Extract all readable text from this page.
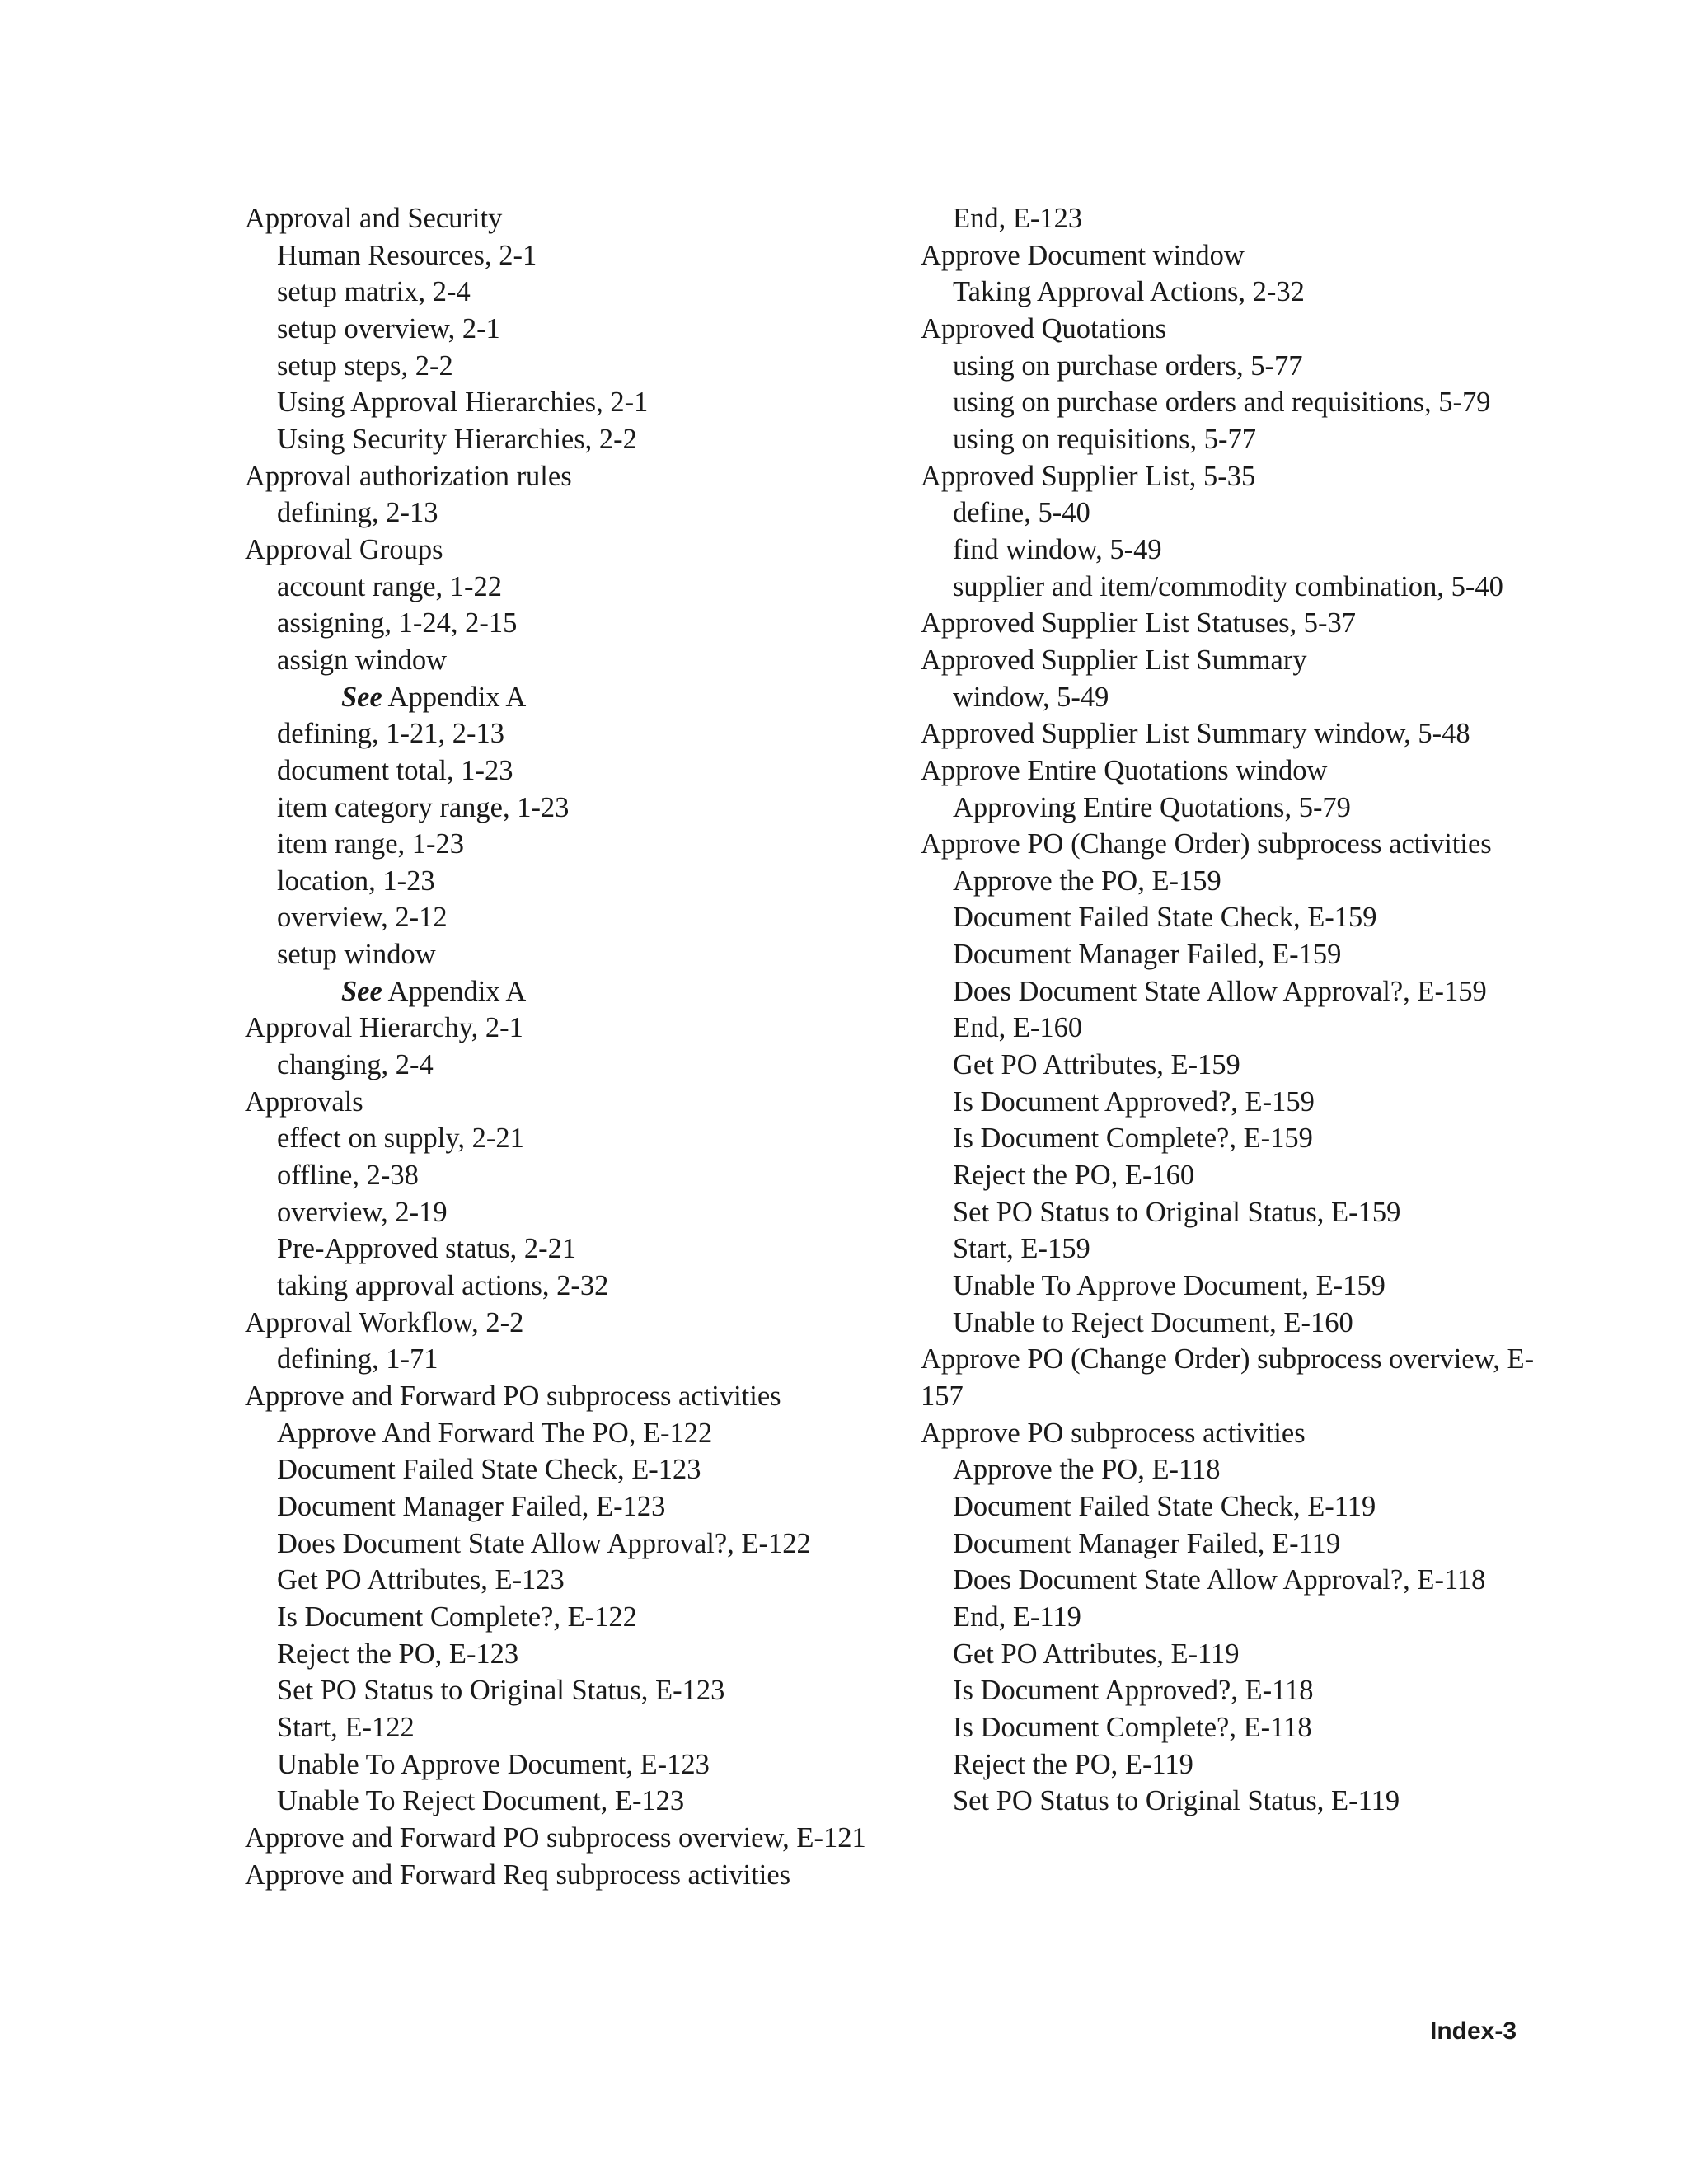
Approval and Security
Human Resources, 2-1
setup matrix, 2-4
setup overview, 2-1
setup steps, 2-2
Using Approval Hierarchies, 2-1
Using Security Hierarchies, 2-2
Approval authorization rules
defining, 2-13
Approval Groups
account range, 1-22
assigning, 1-24, 2-15
assign window
See Appendix A
defining, 1-21, 2-13
document total, 1-23
item category range, 1-23
item range, 1-23
location, 1-23
overview, 2-12
setup window
See Appendix A
Approval Hierarchy, 2-1
changing, 2-4
Approvals
effect on supply, 2-21
offline, 2-38
overview, 2-19
Pre-Approved status, 2-21
taking approval actions, 2-32
Approval Workflow, 2-2
defining, 1-71
Approve and Forward PO subprocess activities
Approve And Forward The PO, E-122
Document Failed State Check, E-123
Document Manager Failed, E-123
Does Document State Allow Approval?, E-122
Get PO Attributes, E-123
Is Document Complete?, E-122
Reject the PO, E-123
Set PO Status to Original Status, E-123
Start, E-122
Unable To Approve Document, E-123
Unable To Reject Document, E-123
Approve and Forward PO subprocess overview, E-121
Approve and Forward Req subprocess activities
End, E-123
Approve Document window
Taking Approval Actions, 2-32
Approved Quotations
using on purchase orders, 5-77
using on purchase orders and requisitions, 5-79
using on requisitions, 5-77
Approved Supplier List, 5-35
define, 5-40
find window, 5-49
supplier and item/commodity combination, 5-40
Approved Supplier List Statuses, 5-37
Approved Supplier List Summary
window, 5-49
Approved Supplier List Summary window, 5-48
Approve Entire Quotations window
Approving Entire Quotations, 5-79
Approve PO (Change Order) subprocess activities
Approve the PO, E-159
Document Failed State Check, E-159
Document Manager Failed, E-159
Does Document State Allow Approval?, E-159
End, E-160
Get PO Attributes, E-159
Is Document Approved?, E-159
Is Document Complete?, E-159
Reject the PO, E-160
Set PO Status to Original Status, E-159
Start, E-159
Unable To Approve Document, E-159
Unable to Reject Document, E-160
Approve PO (Change Order) subprocess overview, E-157
Approve PO subprocess activities
Approve the PO, E-118
Document Failed State Check, E-119
Document Manager Failed, E-119
Does Document State Allow Approval?, E-118
End, E-119
Get PO Attributes, E-119
Is Document Approved?, E-118
Is Document Complete?, E-118
Reject the PO, E-119
Set PO Status to Original Status, E-119
Index-3
